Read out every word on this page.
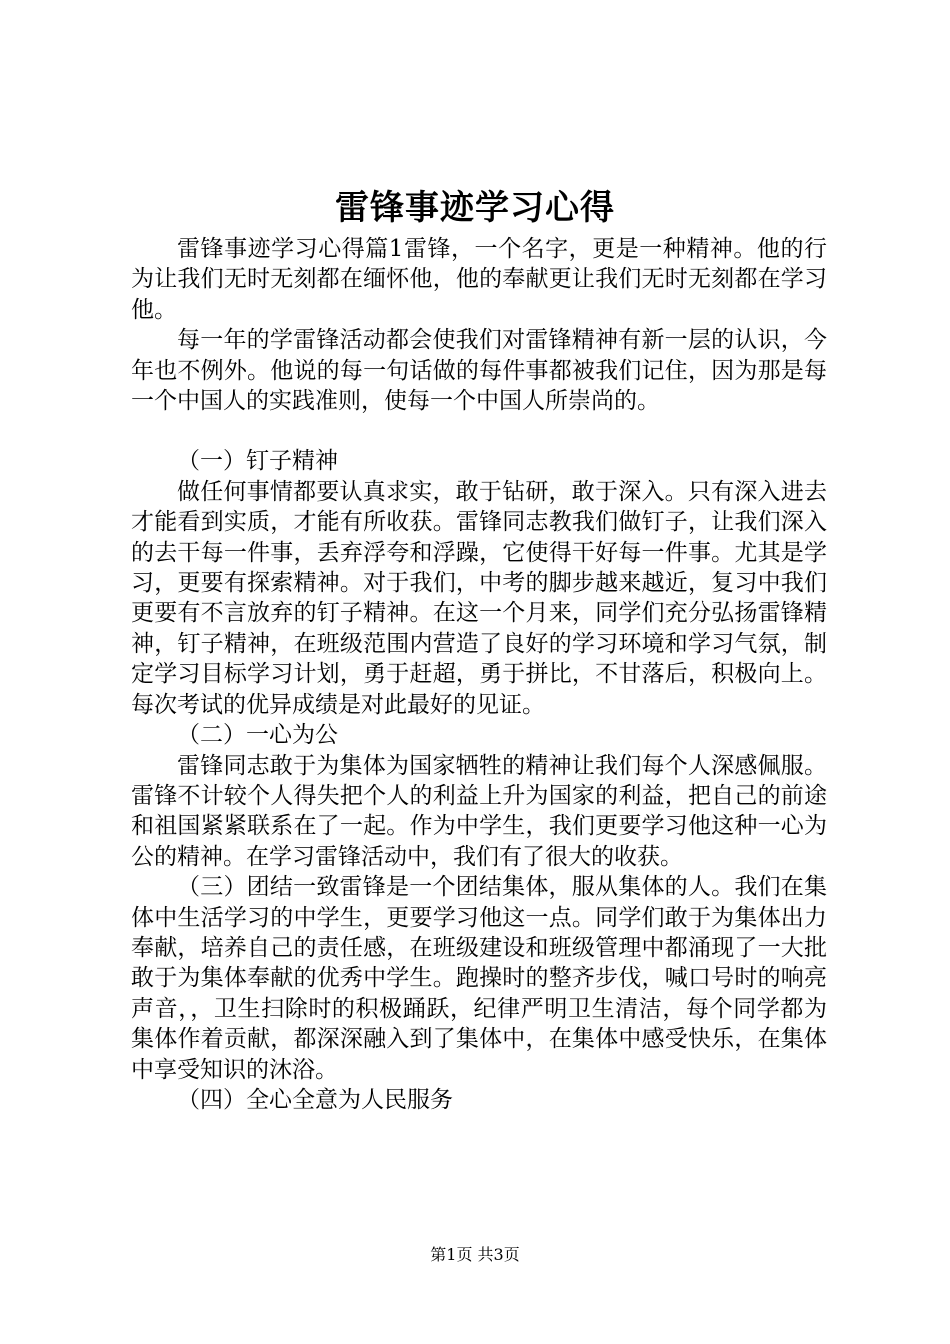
雷锋事迹学习心得

雷锋事迹学习心得篇1雷锋，一个名字，更是一种精神。他的行为让我们无时无刻都在缅怀他，他的奉献更让我们无时无刻都在学习他。

每一年的学雷锋活动都会使我们对雷锋精神有新一层的认识，今年也不例外。他说的每一句话做的每件事都被我们记住，因为那是每一个中国人的实践准则，使每一个中国人所崇尚的。

（一）钉子精神

做任何事情都要认真求实，敢于钻研，敢于深入。只有深入进去才能看到实质，才能有所收获。雷锋同志教我们做钉子，让我们深入的去干每一件事，丢弃浮夸和浮躁，它使得干好每一件事。尤其是学习，更要有探索精神。对于我们，中考的脚步越来越近，复习中我们更要有不言放弃的钉子精神。在这一个月来，同学们充分弘扬雷锋精神，钉子精神，在班级范围内营造了良好的学习环境和学习气氛，制定学习目标学习计划，勇于赶超，勇于拼比，不甘落后，积极向上。每次考试的优异成绩是对此最好的见证。

（二）一心为公

雷锋同志敢于为集体为国家牺牲的精神让我们每个人深感佩服。雷锋不计较个人得失把个人的利益上升为国家的利益，把自己的前途和祖国紧紧联系在了一起。作为中学生，我们更要学习他这种一心为公的精神。在学习雷锋活动中，我们有了很大的收获。

（三）团结一致雷锋是一个团结集体，服从集体的人。我们在集体中生活学习的中学生，更要学习他这一点。同学们敢于为集体出力奉献，培养自己的责任感，在班级建设和班级管理中都涌现了一大批敢于为集体奉献的优秀中学生。跑操时的整齐步伐，喊口号时的响亮声音，，卫生扫除时的积极踊跃，纪律严明卫生清洁，每个同学都为集体作着贡献，都深深融入到了集体中，在集体中感受快乐，在集体中享受知识的沐浴。

（四）全心全意为人民服务

第1页 共3页
